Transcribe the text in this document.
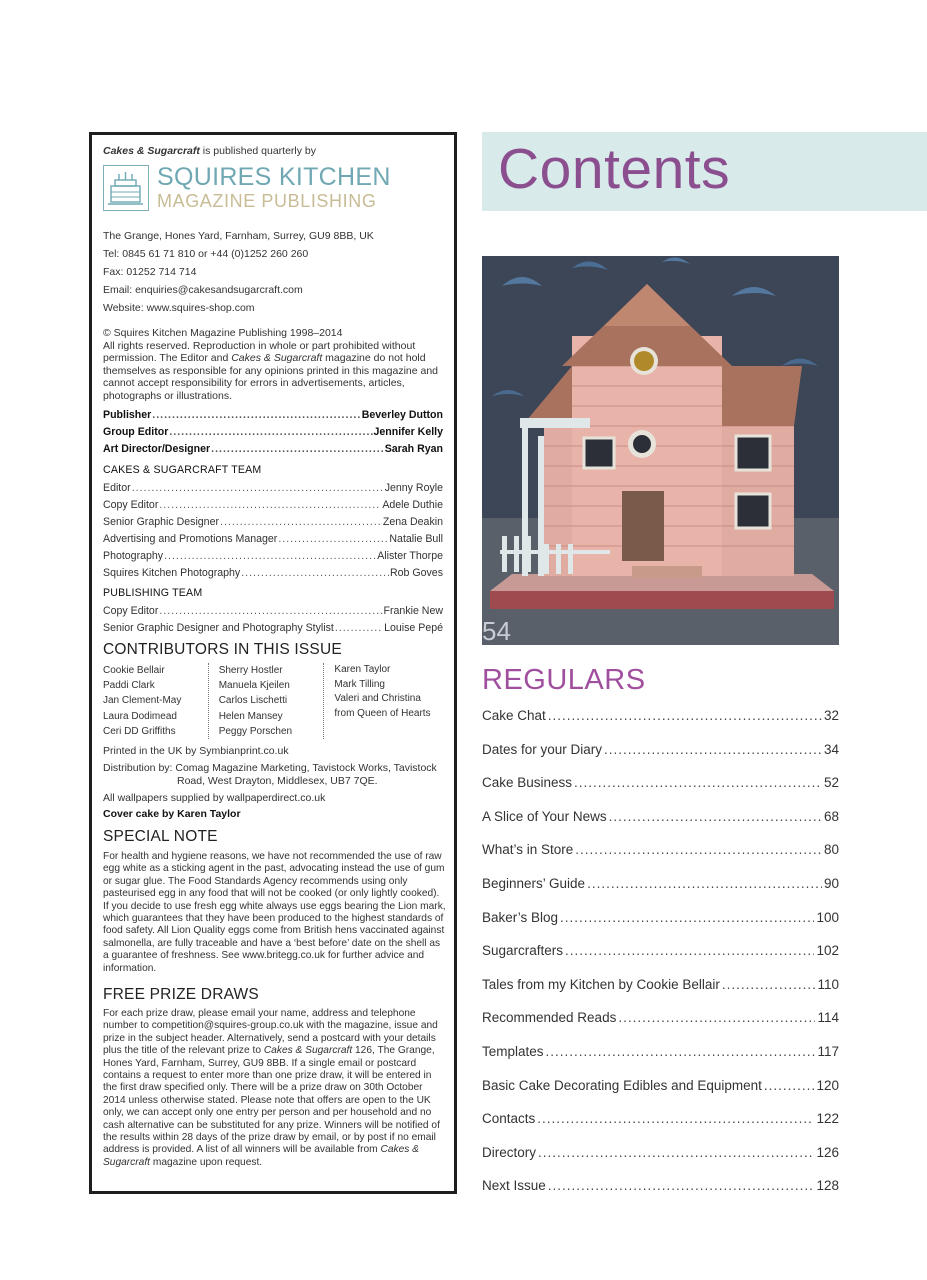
Cakes & Sugarcraft is published quarterly by
SQUIRES KITCHEN
MAGAZINE PUBLISHING
The Grange, Hones Yard, Farnham, Surrey, GU9 8BB, UK
Tel: 0845 61 71 810 or +44 (0)1252 260 260
Fax: 01252 714 714
Email: enquiries@cakesandsugarcraft.com
Website: www.squires-shop.com
© Squires Kitchen Magazine Publishing 1998–2014
All rights reserved. Reproduction in whole or part prohibited without permission. The Editor and Cakes & Sugarcraft magazine do not hold themselves as responsible for any opinions printed in this magazine and cannot accept responsibility for errors in advertisements, articles, photographs or illustrations.
Publisher .....	Beverley Dutton
Group Editor .....	Jennifer Kelly
Art Director/Designer .....	Sarah Ryan
CAKES & SUGARCRAFT TEAM
Editor .....	Jenny Royle
Copy Editor .....	Adele Duthie
Senior Graphic Designer .....	Zena Deakin
Advertising and Promotions Manager .....	Natalie Bull
Photography .....	Alister Thorpe
Squires Kitchen Photography .....	Rob Goves
PUBLISHING TEAM
Copy Editor .....	Frankie New
Senior Graphic Designer and Photography Stylist .....	Louise Pepé
CONTRIBUTORS IN THIS ISSUE
Cookie Bellair
Paddi Clark
Jan Clement-May
Laura Dodimead
Ceri DD Griffiths
Sherry Hostler
Manuela Kjeilen
Carlos Lischetti
Helen Mansey
Peggy Porschen
Karen Taylor
Mark Tilling
Valeri and Christina from Queen of Hearts
Printed in the UK by Symbianprint.co.uk
Distribution by: Comag Magazine Marketing, Tavistock Works, Tavistock Road, West Drayton, Middlesex, UB7 7QE.
All wallpapers supplied by wallpaperdirect.co.uk
Cover cake by Karen Taylor
SPECIAL NOTE
For health and hygiene reasons, we have not recommended the use of raw egg white as a sticking agent in the past, advocating instead the use of gum or sugar glue. The Food Standards Agency recommends using only pasteurised egg in any food that will not be cooked (or only lightly cooked). If you decide to use fresh egg white always use eggs bearing the Lion mark, which guarantees that they have been produced to the highest standards of food safety. All Lion Quality eggs come from British hens vaccinated against salmonella, are fully traceable and have a ‘best before’ date on the shell as a guarantee of freshness. See www.britegg.co.uk for further advice and information.
FREE PRIZE DRAWS
For each prize draw, please email your name, address and telephone number to competition@squires-group.co.uk with the magazine, issue and prize in the subject header. Alternatively, send a postcard with your details plus the title of the relevant prize to Cakes & Sugarcraft 126, The Grange, Hones Yard, Farnham, Surrey, GU9 8BB. If a single email or postcard contains a request to enter more than one prize draw, it will be entered in the first draw specified only. There will be a prize draw on 30th October 2014 unless otherwise stated. Please note that offers are open to the UK only, we can accept only one entry per person and per household and no cash alternative can be substituted for any prize. Winners will be notified of the results within 28 days of the prize draw by email, or by post if no email address is provided. A list of all winners will be available from Cakes & Sugarcraft magazine upon request.
Contents
54
REGULARS
Cake Chat .....	32
Dates for your Diary .....	34
Cake Business .....	52
A Slice of Your News .....	68
What’s in Store .....	80
Beginners’ Guide .....	90
Baker’s Blog .....	100
Sugarcrafters .....	102
Tales from my Kitchen by Cookie Bellair .....	110
Recommended Reads .....	114
Templates .....	117
Basic Cake Decorating Edibles and Equipment .....	120
Contacts .....	122
Directory .....	126
Next Issue .....	128
